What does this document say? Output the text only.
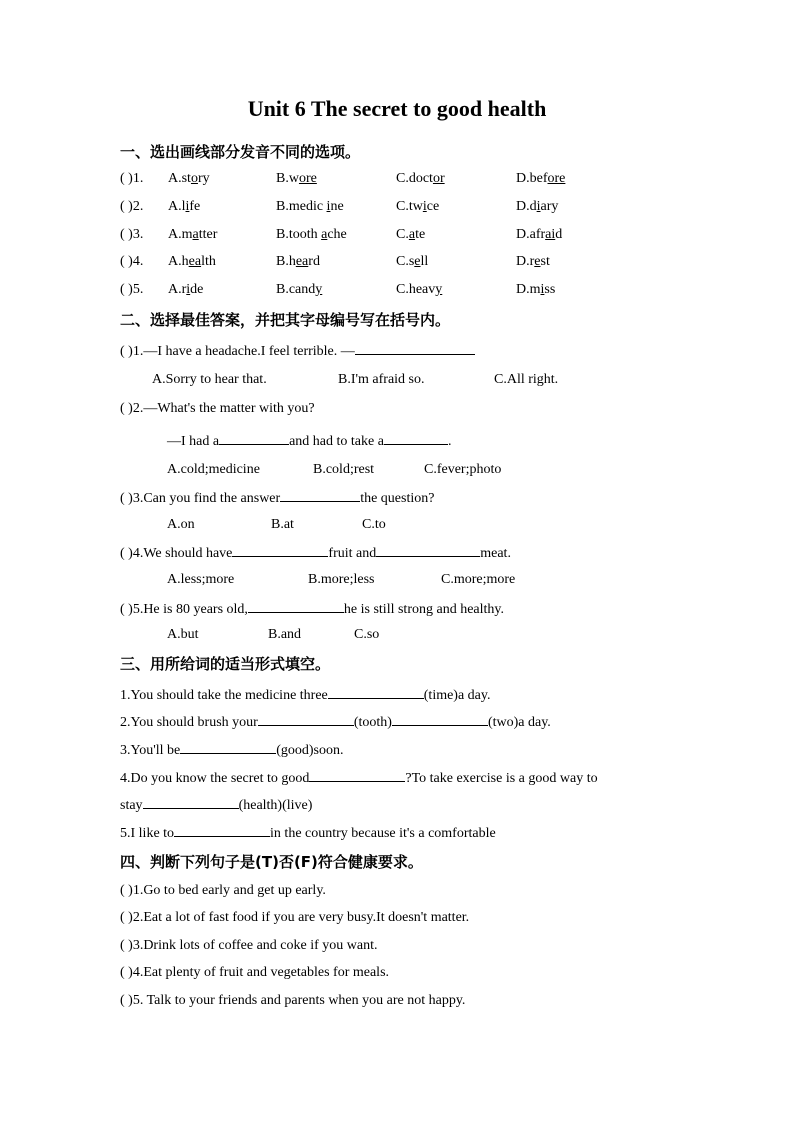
Unit 6 The secret to good health
一、选出画线部分发音不同的选项。
( )1. A.story	B.wore	C.doctor	D.before
( )2. A.life	B.medic ine	C.twice	D.diary
( )3. A.matter	B.tooth ache	C.ate	D.afraid
( )4. A.health	B.heard	C.sell	D.rest
( )5. A.ride	B.candy	C.heavy	D.miss
二、选择最佳答案，并把其字母编号写在括号内。
( )1.—I have a headache.I feel terrible. —
A.Sorry to hear that.	B.I'm afraid so.	C.All right.
( )2.—What's the matter with you?
—I had a	and had to take a	.
A.cold;medicine	B.cold;rest	C.fever;photo
( )3.Can you find the answer	the question?
A.on	B.at	C.to
( )4.We should have	fruit and	meat.
A.less;more	B.more;less	C.more;more
( )5.He is 80 years old,	he is still strong and healthy.
A.but	B.and	C.so
三、用所给词的适当形式填空。
1.You should take the medicine three	(time)a day.
2.You should brush your	(tooth)	(two)a day.
3.You'll be	(good)soon.
4.Do you know the secret to good	?To take exercise is a good way to
stay	(health)(live)
5.I like to	in the country because it's a comfortable
四、判断下列句子是(T)否(F)符合健康要求。
( )1.Go to bed early and get up early.
( )2.Eat a lot of fast food if you are very busy.It doesn't matter.
( )3.Drink lots of coffee and coke if you want.
( )4.Eat plenty of fruit and vegetables for meals.
( )5. Talk to your friends and parents when you are not happy.
